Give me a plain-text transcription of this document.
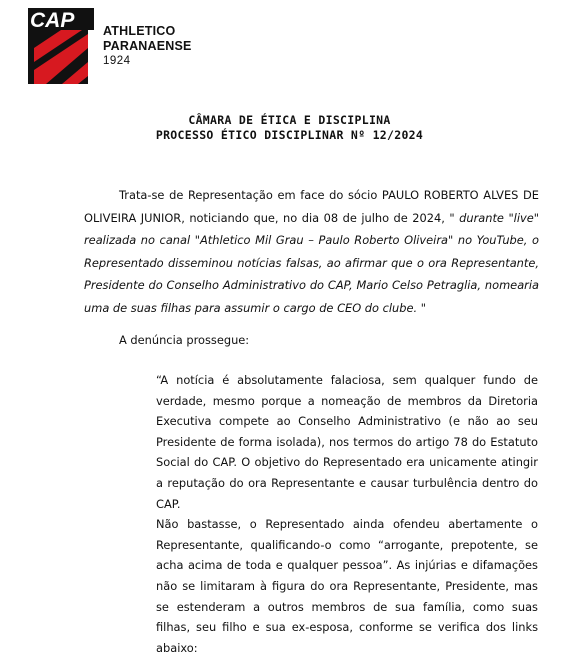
CAP ATHLETICO
PARANAENSE
1924
CÂMARA DE ÉTICA E DISCIPLINA
PROCESSO ÉTICO DISCIPLINAR Nº 12/2024
Trata-se de Representação em face do sócio PAULO ROBERTO ALVES DE OLIVEIRA JUNIOR, noticiando que, no dia 08 de julho de 2024, " durante "live" realizada no canal "Athletico Mil Grau – Paulo Roberto Oliveira" no YouTube, o Representado disseminou notícias falsas, ao afirmar que o ora Representante, Presidente do Conselho Administrativo do CAP, Mario Celso Petraglia, nomearia uma de suas filhas para assumir o cargo de CEO do clube. "
A denúncia prossegue:

“A notícia é absolutamente falaciosa, sem qualquer fundo de verdade, mesmo porque a nomeação de membros da Diretoria Executiva compete ao Conselho Administrativo (e não ao seu Presidente de forma isolada), nos termos do artigo 78 do Estatuto Social do CAP. O objetivo do Representado era unicamente atingir a reputação do ora Representante e causar turbulência dentro do CAP.

Não bastasse, o Representado ainda ofendeu abertamente o Representante, qualificando-o como “arrogante, prepotente, se acha acima de toda e qualquer pessoa”. As injúrias e difamações não se limitaram à figura do ora Representante, Presidente, mas se estenderam a outros membros de sua família, como suas filhas, seu filho e sua ex-esposa, conforme se verifica dos links abaixo:
